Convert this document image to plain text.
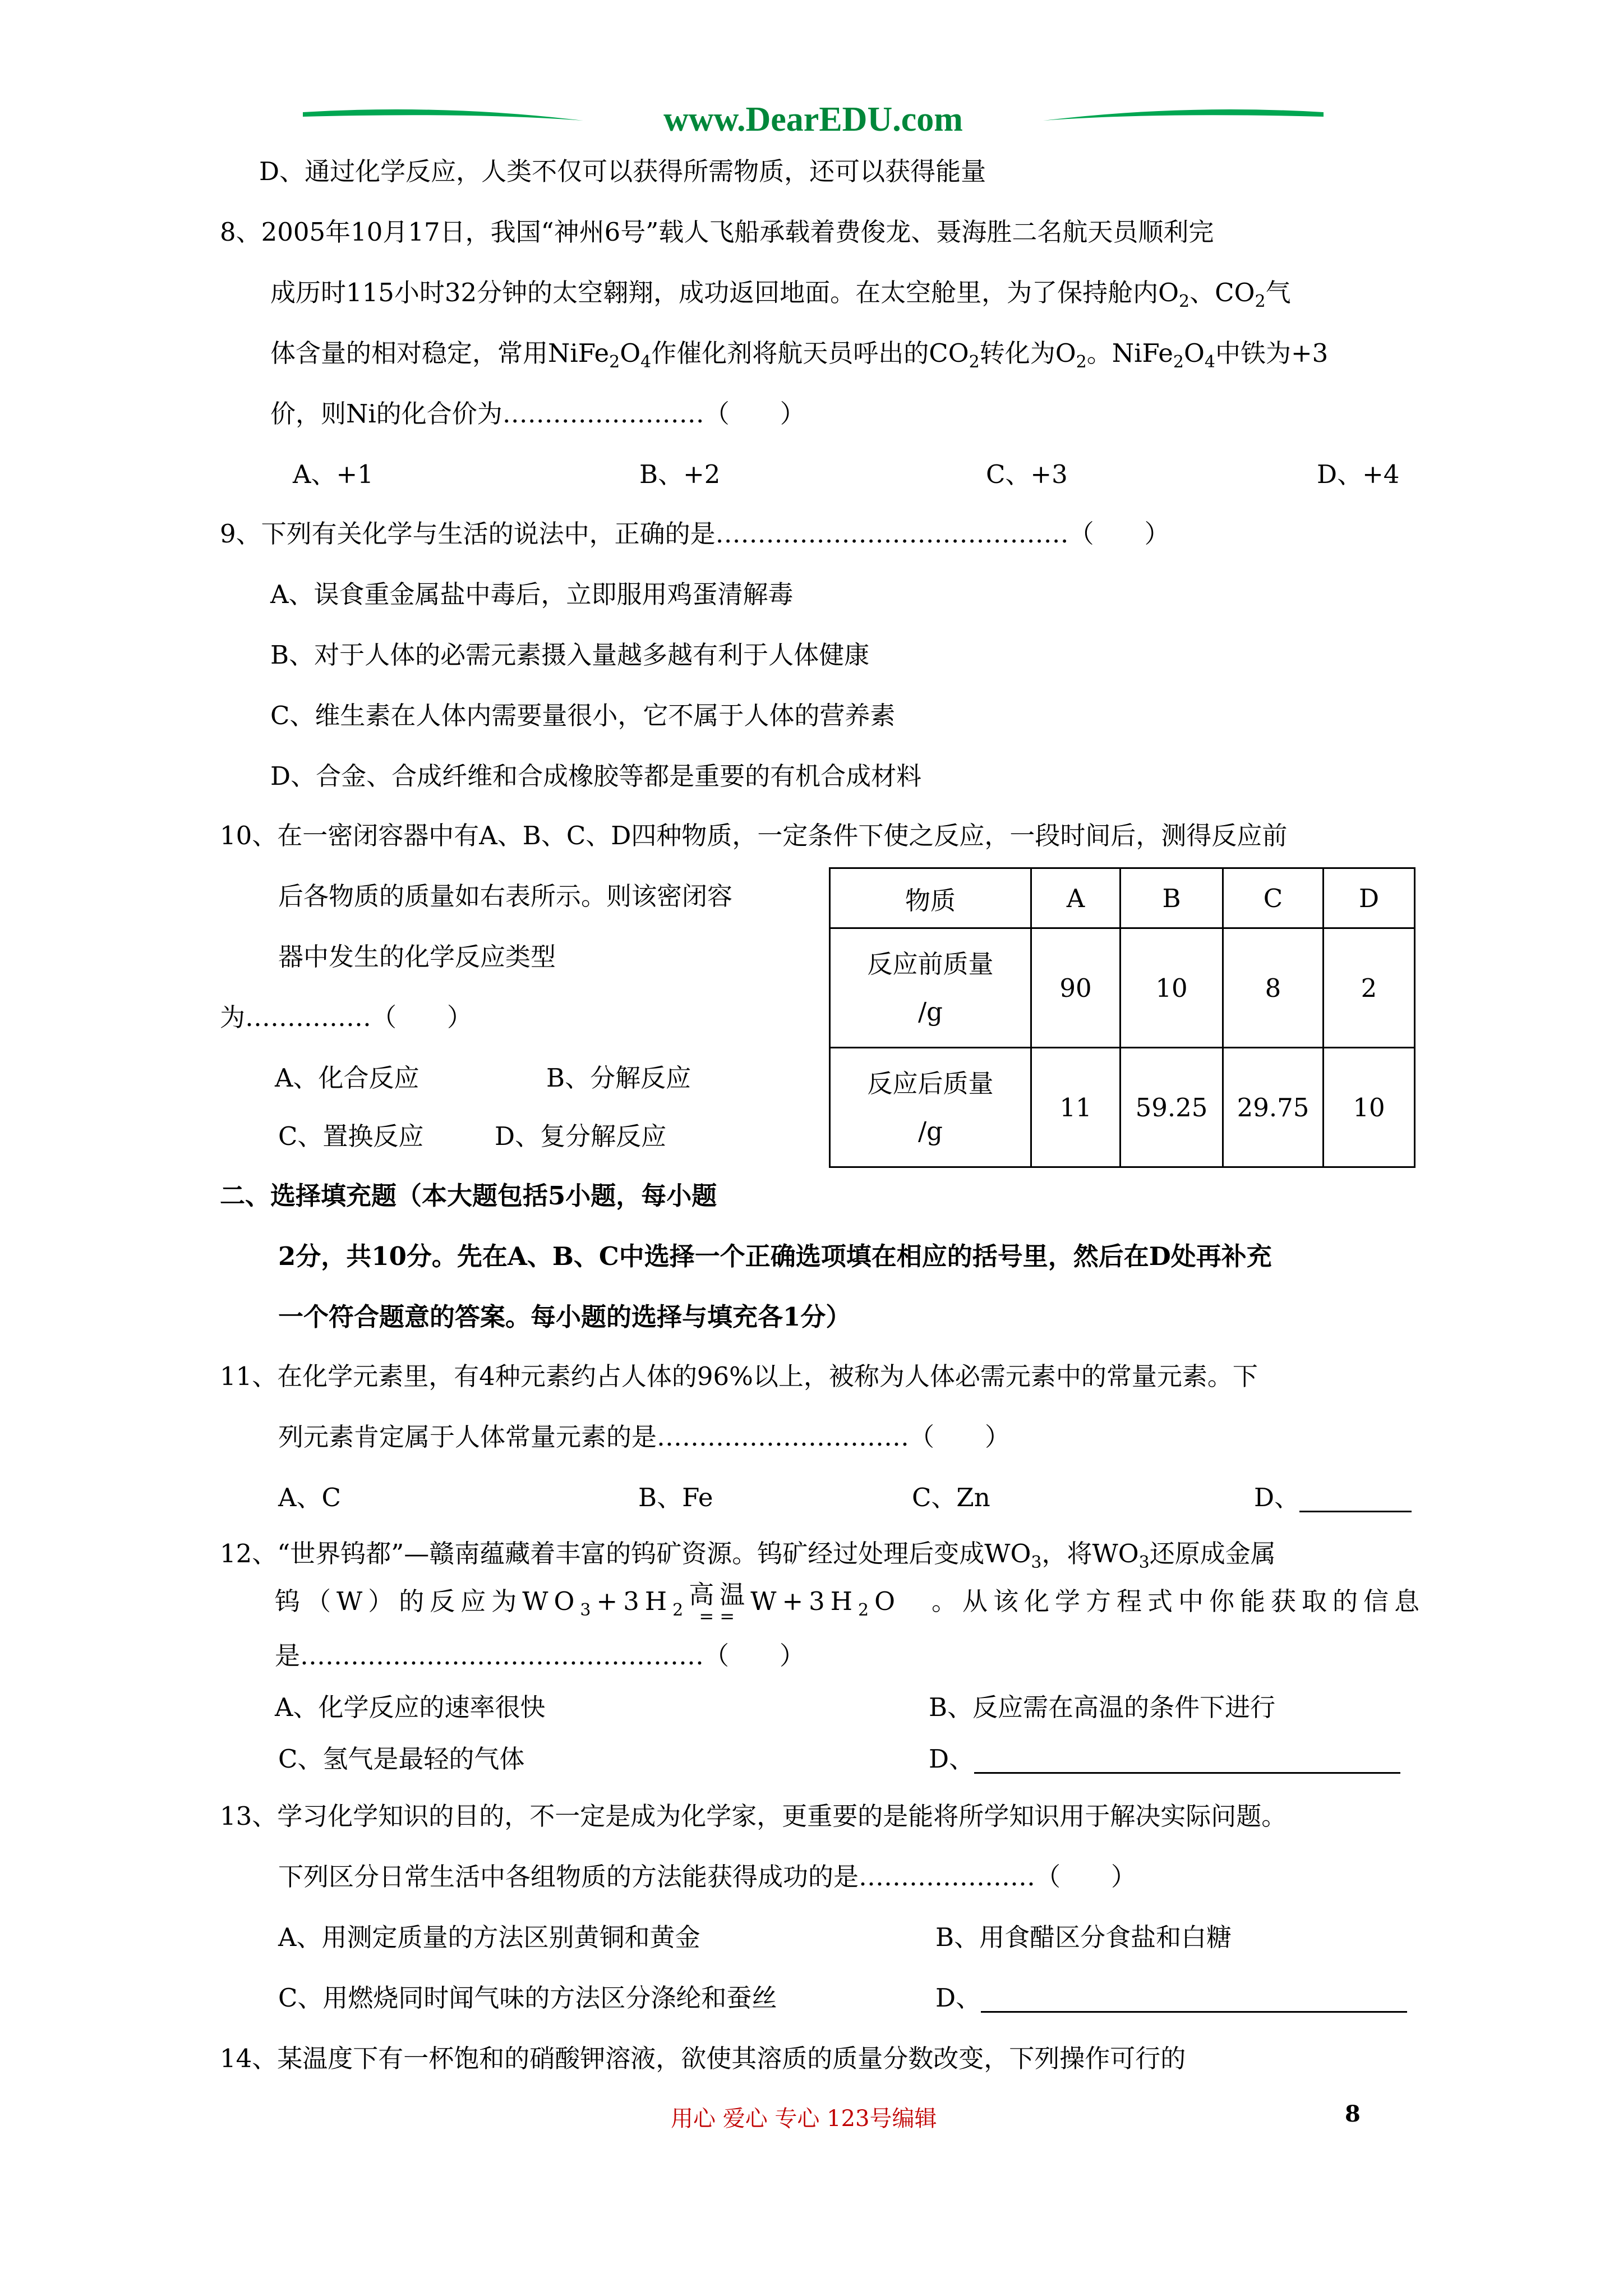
www.DearEDU.com
D、通过化学反应，人类不仅可以获得所需物质，还可以获得能量
8、2005年10月17日，我国“神州6号”载人飞船承载着费俊龙、聂海胜二名航天员顺利完
成历时115小时32分钟的太空翱翔，成功返回地面。在太空舱里，为了保持舱内$O_2$、$CO_2$气
体含量的相对稳定，常用$NiFe_2O_4$作催化剂将航天员呼出的$CO_2$转化为$O_2$。$NiFe_2O_4$中铁为+3
价，则Ni的化合价为……………………（　　）
A、+1	B、+2	C、+3	D、+4
9、下列有关化学与生活的说法中，正确的是……………………………………（　　）
A、误食重金属盐中毒后，立即服用鸡蛋清解毒
B、对于人体的必需元素摄入量越多越有利于人体健康
C、维生素在人体内需要量很小，它不属于人体的营养素
D、合金、合成纤维和合成橡胶等都是重要的有机合成材料
10、在一密闭容器中有A、B、C、D四种物质，一定条件下使之反应，一段时间后，测得反应前
后各物质的质量如右表所示。则该密闭容
器中发生的化学反应类型
为……………（　　）
A、化合反应	B、分解反应
C、置换反应	D、复分解反应
物质	A	B	C	D
反应前质量
/g	90	10	8	2
反应后质量
/g	11	59.25	29.75	10
二、选择填充题（本大题包括5小题，每小题
2分，共10分。先在A、B、C中选择一个正确选项填在相应的括号里，然后在D处再补充
一个符合题意的答案。每小题的选择与填充各1分）
11、在化学元素里，有4种元素约占人体的96%以上，被称为人体必需元素中的常量元素。下
列元素肯定属于人体常量元素的是…………………………（　　）
A、C	B、Fe	C、Zn	D、
12、“世界钨都”—赣南蕴藏着丰富的钨矿资源。钨矿经过处理后变成$WO_3$，将$WO_3$还原成金属
钨（W）的反应为$WO_3+3H_2$
高温
== $W+3H_2O$　。从该化学方程式中你能获取的信息
是…………………………………………（　　）
A、化学反应的速率很快	B、反应需在高温的条件下进行
C、氢气是最轻的气体	D、
13、学习化学知识的目的，不一定是成为化学家，更重要的是能将所学知识用于解决实际问题。
下列区分日常生活中各组物质的方法能获得成功的是…………………（　　）
A、用测定质量的方法区别黄铜和黄金	B、用食醋区分食盐和白糖
C、用燃烧同时闻气味的方法区分涤纶和蚕丝	D、
14、某温度下有一杯饱和的硝酸钾溶液，欲使其溶质的质量分数改变，下列操作可行的
用心 爱心 专心 123号编辑	8
